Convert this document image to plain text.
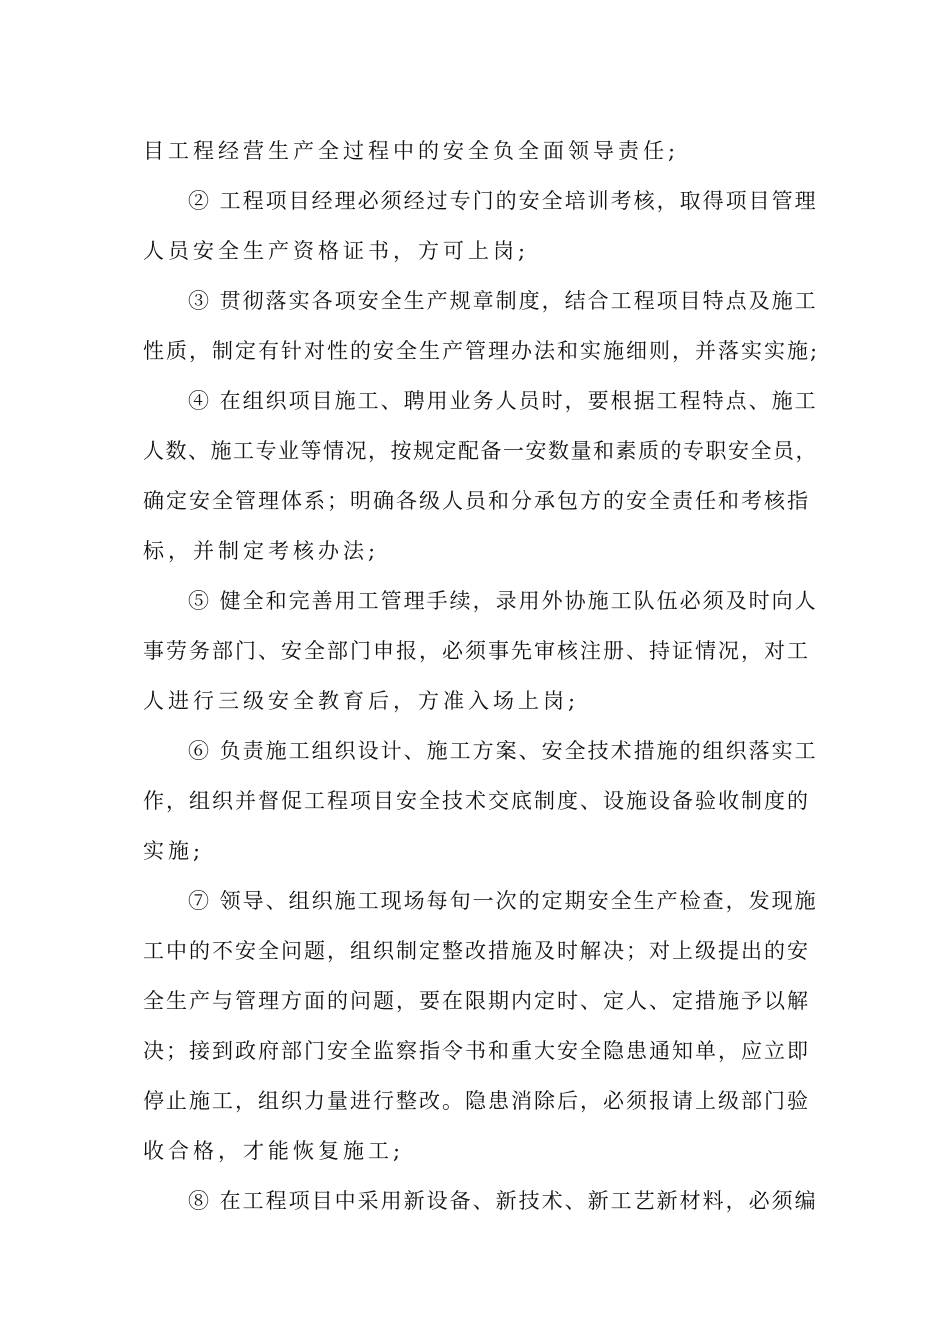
目工程经营生产全过程中的安全负全面领导责任;
② 工程项目经理必须经过专门的安全培训考核，取得项目管理
人员安全生产资格证书，方可上岗;
③ 贯彻落实各项安全生产规章制度，结合工程项目特点及施工
性质，制定有针对性的安全生产管理办法和实施细则，并落实实施;
④ 在组织项目施工、聘用业务人员时，要根据工程特点、施工
人数、施工专业等情况，按规定配备一安数量和素质的专职安全员，
确定安全管理体系；明确各级人员和分承包方的安全责任和考核指
标，并制定考核办法;
⑤ 健全和完善用工管理手续，录用外协施工队伍必须及时向人
事劳务部门、安全部门申报，必须事先审核注册、持证情况，对工
人进行三级安全教育后，方准入场上岗;
⑥ 负责施工组织设计、施工方案、安全技术措施的组织落实工
作，组织并督促工程项目安全技术交底制度、设施设备验收制度的
实施;
⑦ 领导、组织施工现场每旬一次的定期安全生产检查，发现施
工中的不安全问题，组织制定整改措施及时解决；对上级提出的安
全生产与管理方面的问题，要在限期内定时、定人、定措施予以解
决；接到政府部门安全监察指令书和重大安全隐患通知单，应立即
停止施工，组织力量进行整改。隐患消除后，必须报请上级部门验
收合格，才能恢复施工;
⑧ 在工程项目中采用新设备、新技术、新工艺新材料，必须编
